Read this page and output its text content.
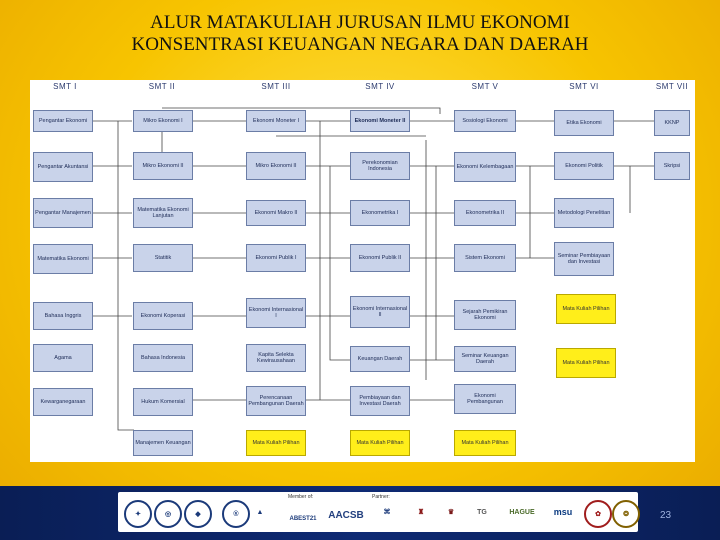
ALUR MATAKULIAH JURUSAN ILMU EKONOMI
KONSENTRASI KEUANGAN NEGARA DAN DAERAH
SMT I	SMT II	SMT III	SMT IV	SMT V	SMT VI	SMT VII
Pengantar Ekonomi
Pengantar Akuntansi
Pengantar Manajemen
Matematika Ekonomi
Bahasa Inggris
Agama
Kewarganegaraan
Mikro Ekonomi I
Mikro Ekonomi II
Matematika Ekonomi Lanjutan
Statitik
Ekonomi Koperasi
Bahasa Indonesia
Hukum Komersial
Manajemen Keuangan
Ekonomi Moneter I
Mikro Ekonomi II
Ekonomi Makro II
Ekonomi Publik I
Ekonomi Internasional I
Kapita Selekta Kewirausahaan
Perencanaan Pembangunan Daerah
Mata Kuliah Pilihan
Ekonomi Moneter II
Perekonomian Indonesia
Ekonometrika I
Ekonomi Publik II
Ekonomi Internasional II
Keuangan Daerah
Pembiayaan dan Investasi Daerah
Mata Kuliah Pilihan
Sosiologi Ekonomi
Ekonomi Kelembagaan
Ekonometrika II
Sistem Ekonomi
Sejarah Pemikiran Ekonomi
Seminar Keuangan Daerah
Ekonomi Pembangunan
Mata Kuliah Pilihan
Etika Ekonomi
Ekonomi Politik
Metodologi Penelitian
Seminar Pembiayaan dan Investasi
Mata Kuliah Pilihan
Mata Kuliah Pilihan
KKNP
Skripsi
✦	◎	◆	®	▲
Member of:
ABEST21	AACSB
Partner:
⌘	♜	♛	TG	HAGUE	msu	✿	❂	23
